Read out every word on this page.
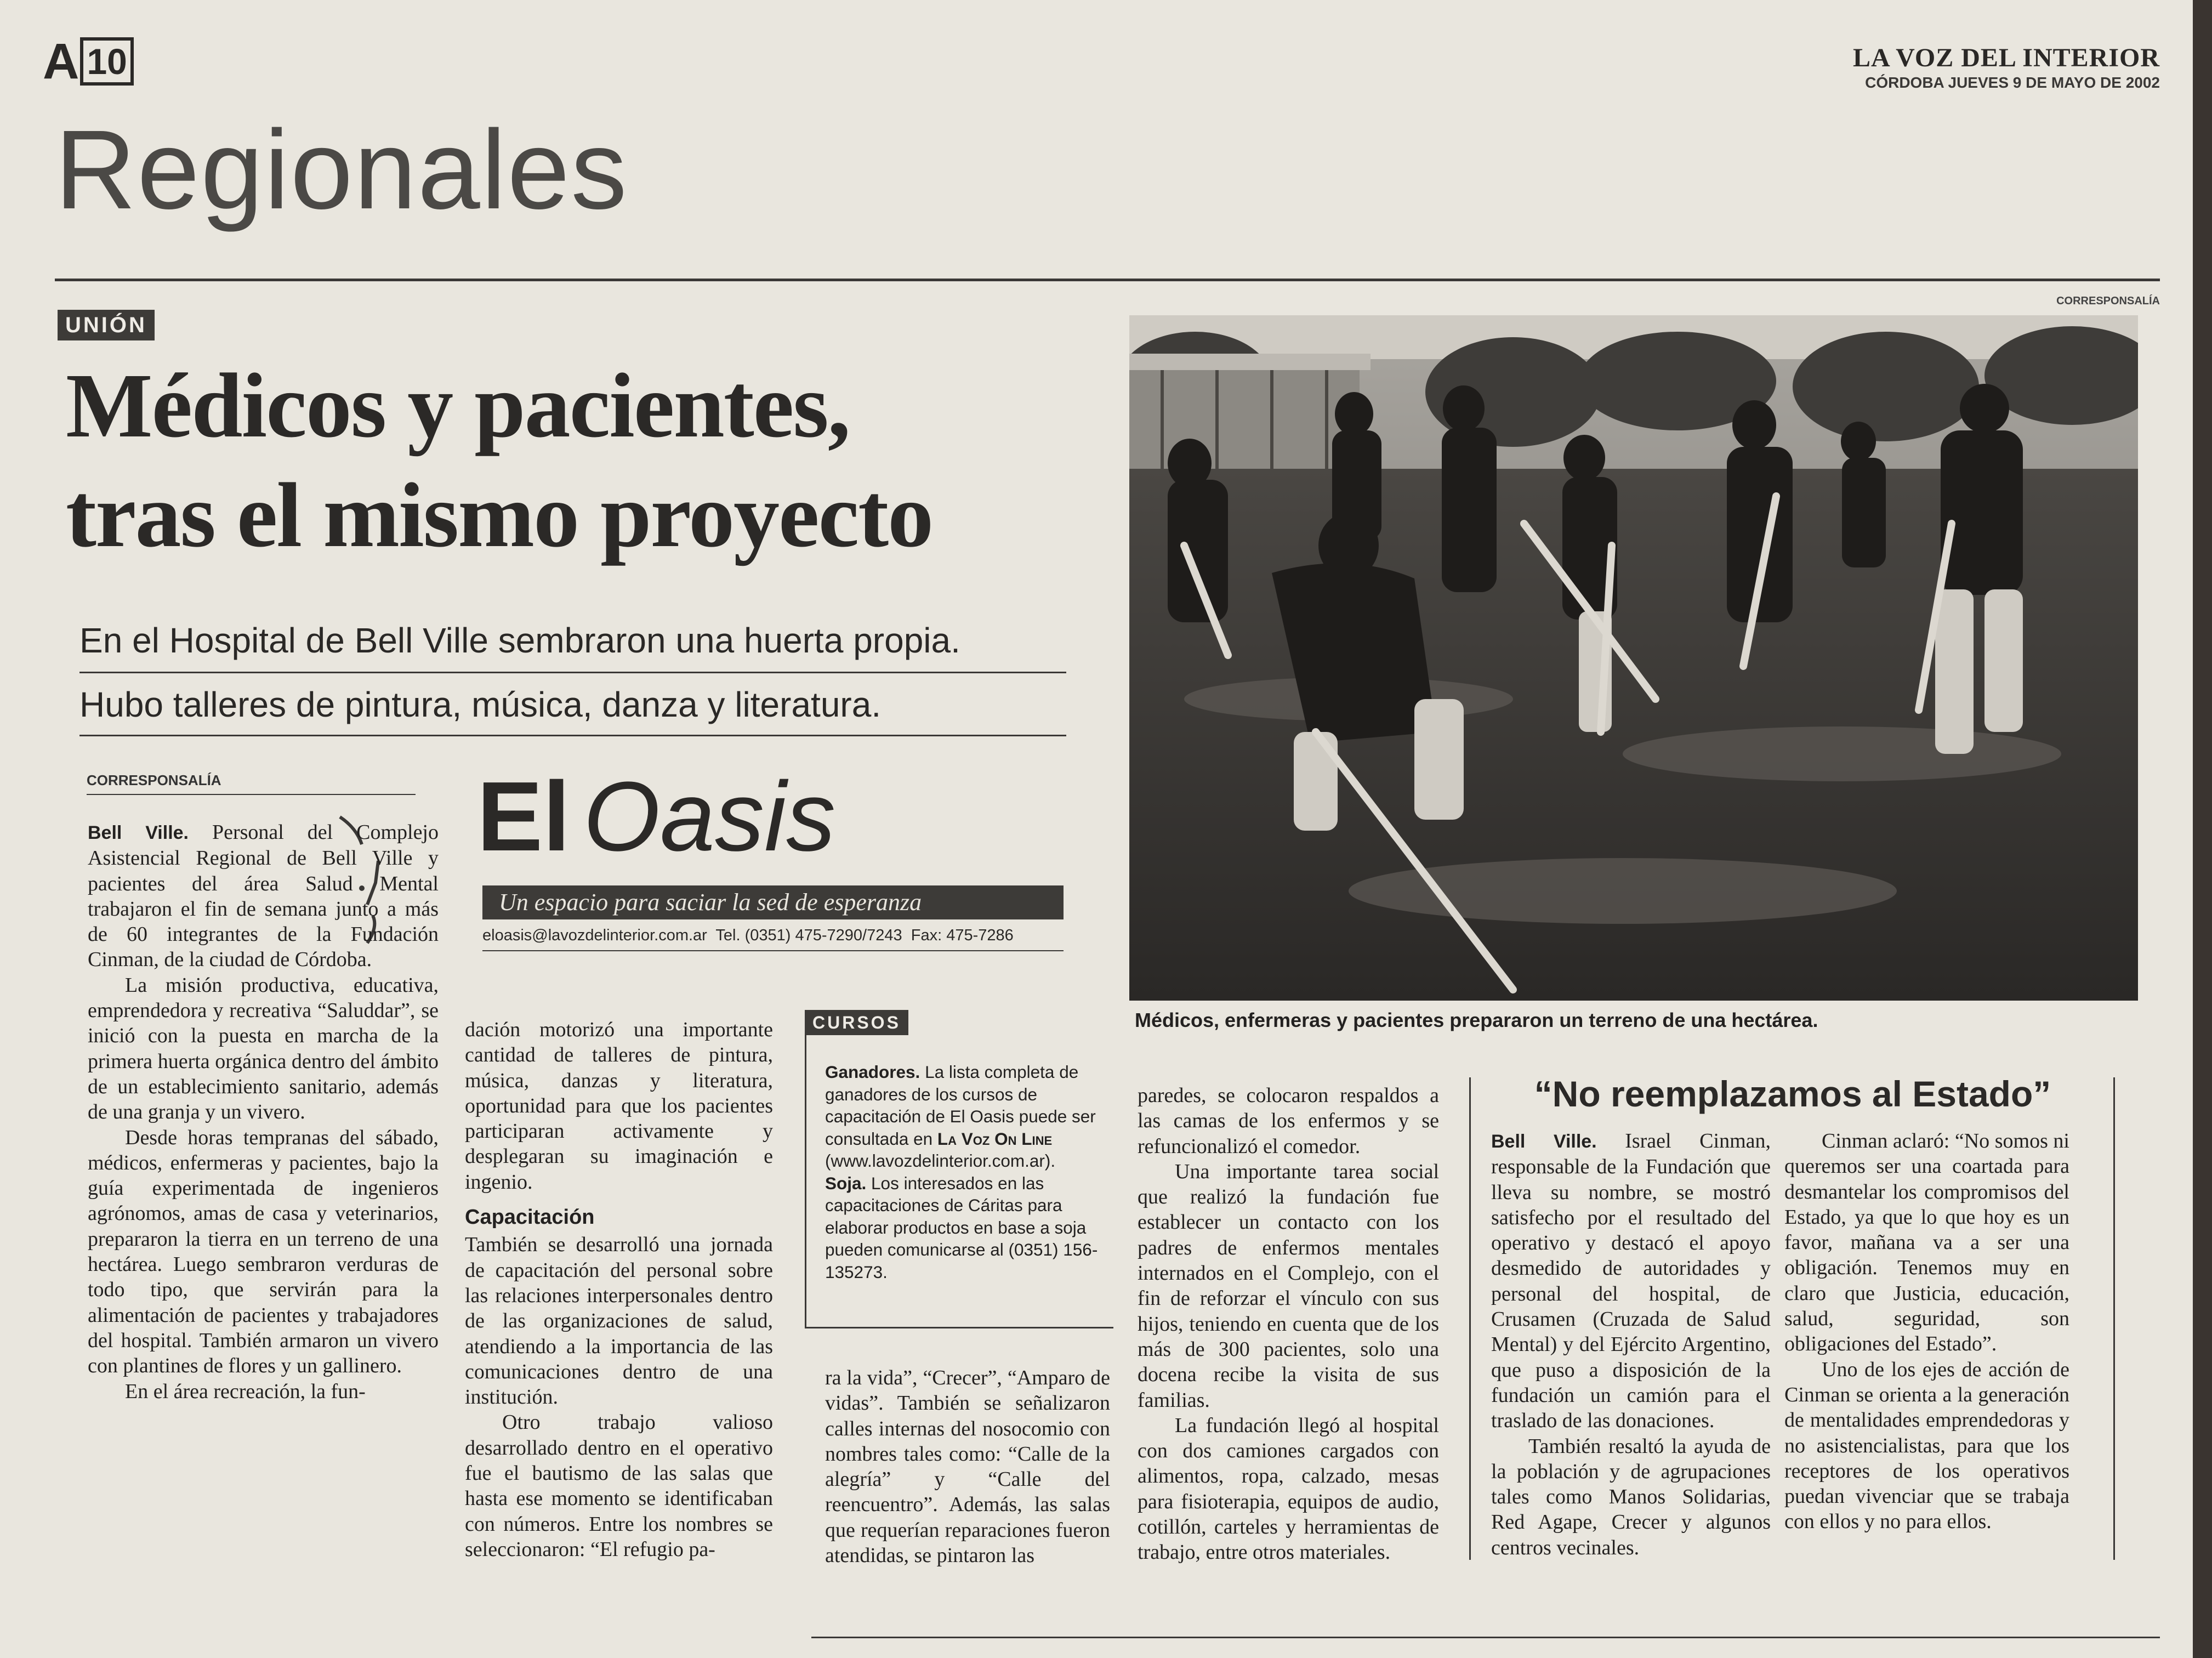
A 10	LA VOZ DEL INTERIOR
CÓRDOBA JUEVES 9 DE MAYO DE 2002
Regionales
UNIÓN
Médicos y pacientes,
tras el mismo proyecto
En el Hospital de Bell Ville sembraron una huerta propia.
Hubo talleres de pintura, música, danza y literatura.
CORRESPONSALÍA

Bell Ville. Personal del Complejo Asistencial Regional de Bell Ville y pacientes del área Salud Mental trabajaron el fin de semana junto a más de 60 integrantes de la Fundación Cinman, de la ciudad de Córdoba.

La misión productiva, educativa, emprendedora y recreativa “Saluddar”, se inició con la puesta en marcha de la primera huerta orgánica dentro del ámbito de un establecimiento sanitario, además de una granja y un vivero.

Desde horas tempranas del sábado, médicos, enfermeras y pacientes, bajo la guía experimentada de ingenieros agrónomos, amas de casa y veterinarios, prepararon la tierra en un terreno de una hectárea. Luego sembraron verduras de todo tipo, que servirán para la alimentación de pacientes y trabajadores del hospital. También armaron un vivero con plantines de flores y un gallinero.

En el área recreación, la fun-

El Oasis
Un espacio para saciar la sed de esperanza
eloasis@lavozdelinterior.com.ar  Tel. (0351) 475-7290/7243  Fax: 475-7286

dación motorizó una importante cantidad de talleres de pintura, música, danzas y literatura, oportunidad para que los pacientes participaran activamente y desplegaran su imaginación e ingenio.

Capacitación

También se desarrolló una jornada de capacitación del personal sobre las relaciones interpersonales dentro de las organizaciones de salud, atendiendo a la importancia de las comunicaciones dentro de una institución.

Otro trabajo valioso desarrollado dentro en el operativo fue el bautismo de las salas que hasta ese momento se identificaban con números. Entre los nombres se seleccionaron: “El refugio pa-

CURSOS
Ganadores. La lista completa de ganadores de los cursos de capacitación de El Oasis puede ser consultada en La Voz On Line (www.lavozdelinterior.com.ar).
Soja. Los interesados en las capacitaciones de Cáritas para elaborar productos en base a soja pueden comunicarse al (0351) 156-135273.

ra la vida”, “Crecer”, “Amparo de vidas”. También se señalizaron calles internas del nosocomio con nombres tales como: “Calle de la alegría” y “Calle del reencuentro”. Además, las salas que requerían reparaciones fueron atendidas, se pintaron las

CORRESPONSALÍA
Médicos, enfermeras y pacientes prepararon un terreno de una hectárea.

paredes, se colocaron respaldos a las camas de los enfermos y se refuncionalizó el comedor.

Una importante tarea social que realizó la fundación fue establecer un contacto con los padres de enfermos mentales internados en el Complejo, con el fin de reforzar el vínculo con sus hijos, teniendo en cuenta que de los más de 300 pacientes, solo una docena recibe la visita de sus familias.

La fundación llegó al hospital con dos camiones cargados con alimentos, ropa, calzado, mesas para fisioterapia, equipos de audio, cotillón, carteles y herramientas de trabajo, entre otros materiales.

“No reemplazamos al Estado”

Bell Ville. Israel Cinman, responsable de la Fundación que lleva su nombre, se mostró satisfecho por el resultado del operativo y destacó el apoyo desmedido de autoridades y personal del hospital, de Crusamen (Cruzada de Salud Mental) y del Ejército Argentino, que puso a disposición de la fundación un camión para el traslado de las donaciones.

También resaltó la ayuda de la población y de agrupaciones tales como Manos Solidarias, Red Agape, Crecer y algunos centros vecinales.

Cinman aclaró: “No somos ni queremos ser una coartada para desmantelar los compromisos del Estado, ya que lo que hoy es un favor, mañana va a ser una obligación. Tenemos muy en claro que Justicia, educación, salud, seguridad, son obligaciones del Estado”.

Uno de los ejes de acción de Cinman se orienta a la generación de mentalidades emprendedoras y no asistencialistas, para que los receptores de los operativos puedan vivenciar que se trabaja con ellos y no para ellos.
